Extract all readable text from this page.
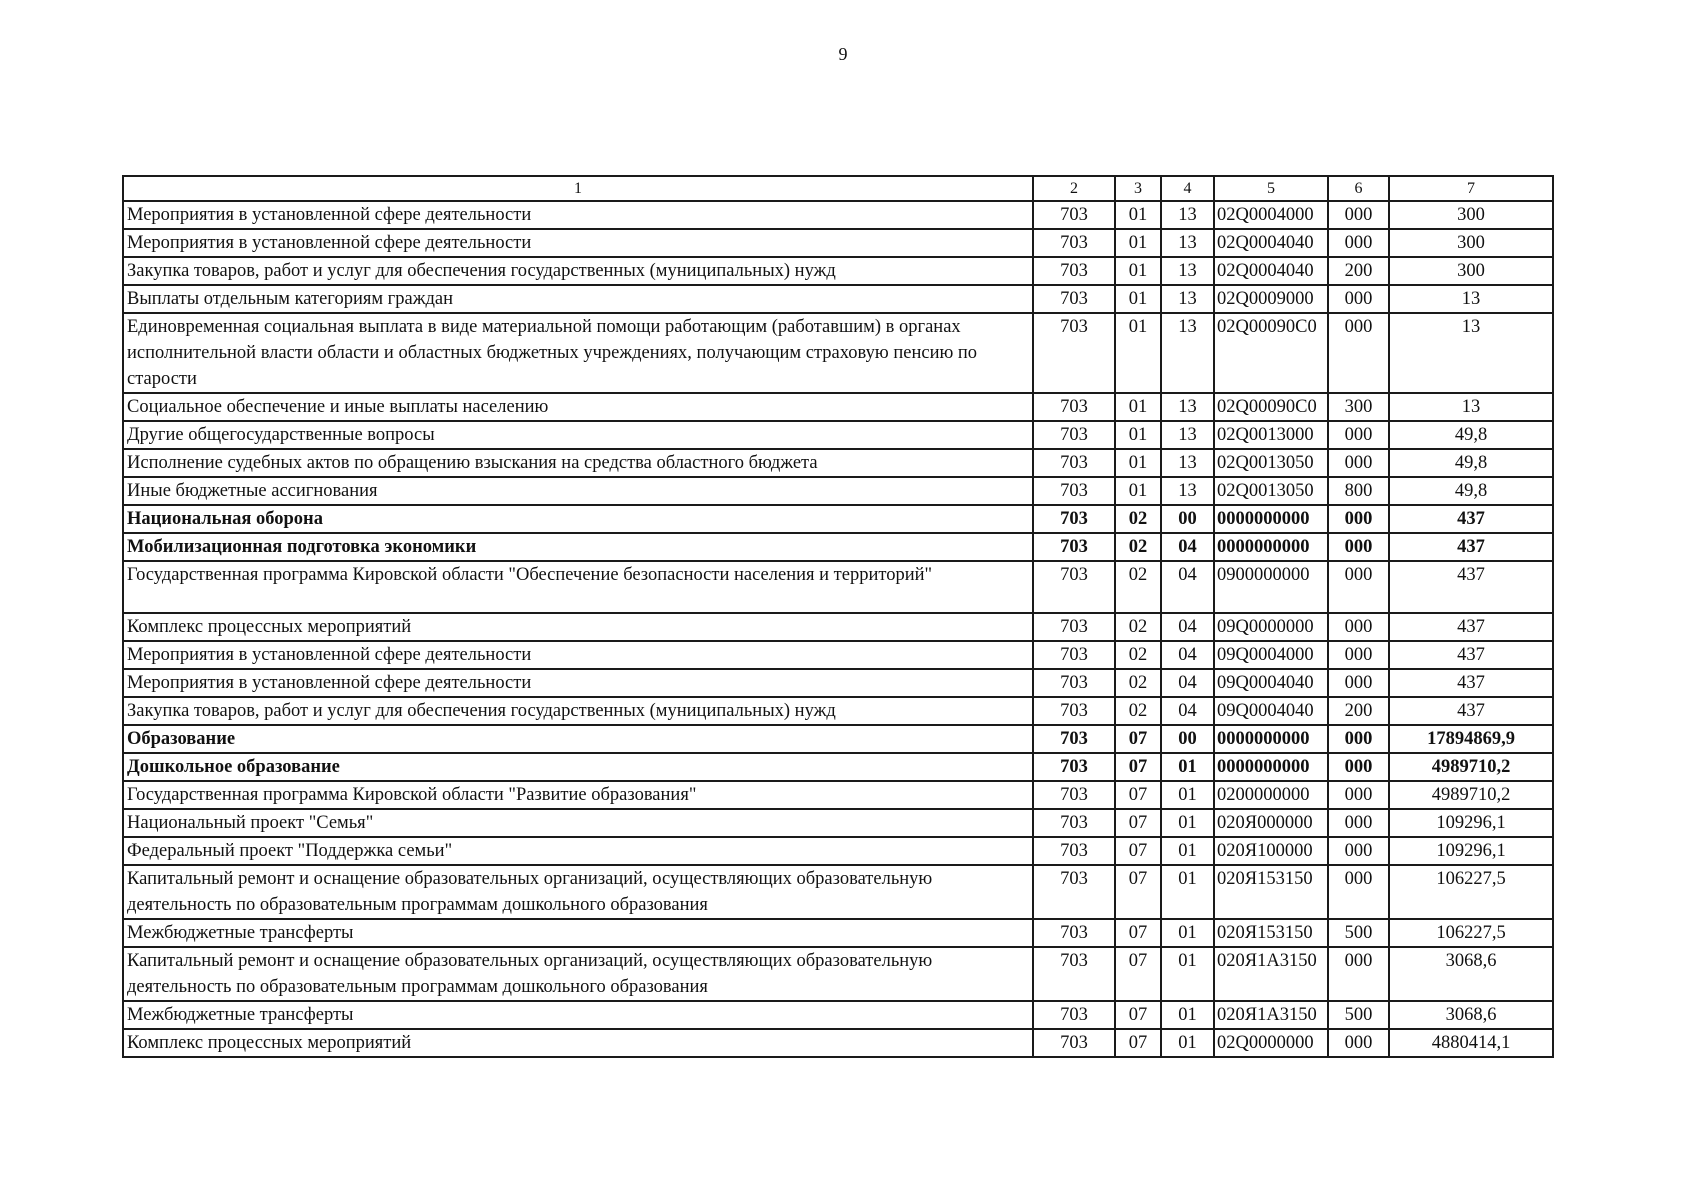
9
1	2	3	4	5	6	7
Мероприятия в установленной сфере деятельности	703	01	13	02Q0004000	000	300
Мероприятия в установленной сфере деятельности	703	01	13	02Q0004040	000	300
Закупка товаров, работ и услуг для обеспечения государственных (муниципальных) нужд	703	01	13	02Q0004040	200	300
Выплаты отдельным категориям граждан	703	01	13	02Q0009000	000	13
Единовременная социальная выплата в виде материальной помощи работающим (работавшим) в органах исполнительной власти области и областных бюджетных учреждениях, получающим страховую пенсию по старости	703	01	13	02Q00090C0	000	13
Социальное обеспечение и иные выплаты населению	703	01	13	02Q00090C0	300	13
Другие общегосударственные вопросы	703	01	13	02Q0013000	000	49,8
Исполнение судебных актов по обращению взыскания на средства областного бюджета	703	01	13	02Q0013050	000	49,8
Иные бюджетные ассигнования	703	01	13	02Q0013050	800	49,8
Национальная оборона	703	02	00	0000000000	000	437
Мобилизационная подготовка экономики	703	02	04	0000000000	000	437
Государственная программа Кировской области "Обеспечение безопасности населения и территорий"	703	02	04	0900000000	000	437
Комплекс процессных мероприятий	703	02	04	09Q0000000	000	437
Мероприятия в установленной сфере деятельности	703	02	04	09Q0004000	000	437
Мероприятия в установленной сфере деятельности	703	02	04	09Q0004040	000	437
Закупка товаров, работ и услуг для обеспечения государственных (муниципальных) нужд	703	02	04	09Q0004040	200	437
Образование	703	07	00	0000000000	000	17894869,9
Дошкольное образование	703	07	01	0000000000	000	4989710,2
Государственная программа Кировской области "Развитие образования"	703	07	01	0200000000	000	4989710,2
Национальный проект "Семья"	703	07	01	020Я000000	000	109296,1
Федеральный проект "Поддержка семьи"	703	07	01	020Я100000	000	109296,1
Капитальный ремонт и оснащение образовательных организаций, осуществляющих образовательную деятельность по образовательным программам дошкольного образования	703	07	01	020Я153150	000	106227,5
Межбюджетные трансферты	703	07	01	020Я153150	500	106227,5
Капитальный ремонт и оснащение образовательных организаций, осуществляющих образовательную деятельность по образовательным программам дошкольного образования	703	07	01	020Я1А3150	000	3068,6
Межбюджетные трансферты	703	07	01	020Я1А3150	500	3068,6
Комплекс процессных мероприятий	703	07	01	02Q0000000	000	4880414,1
